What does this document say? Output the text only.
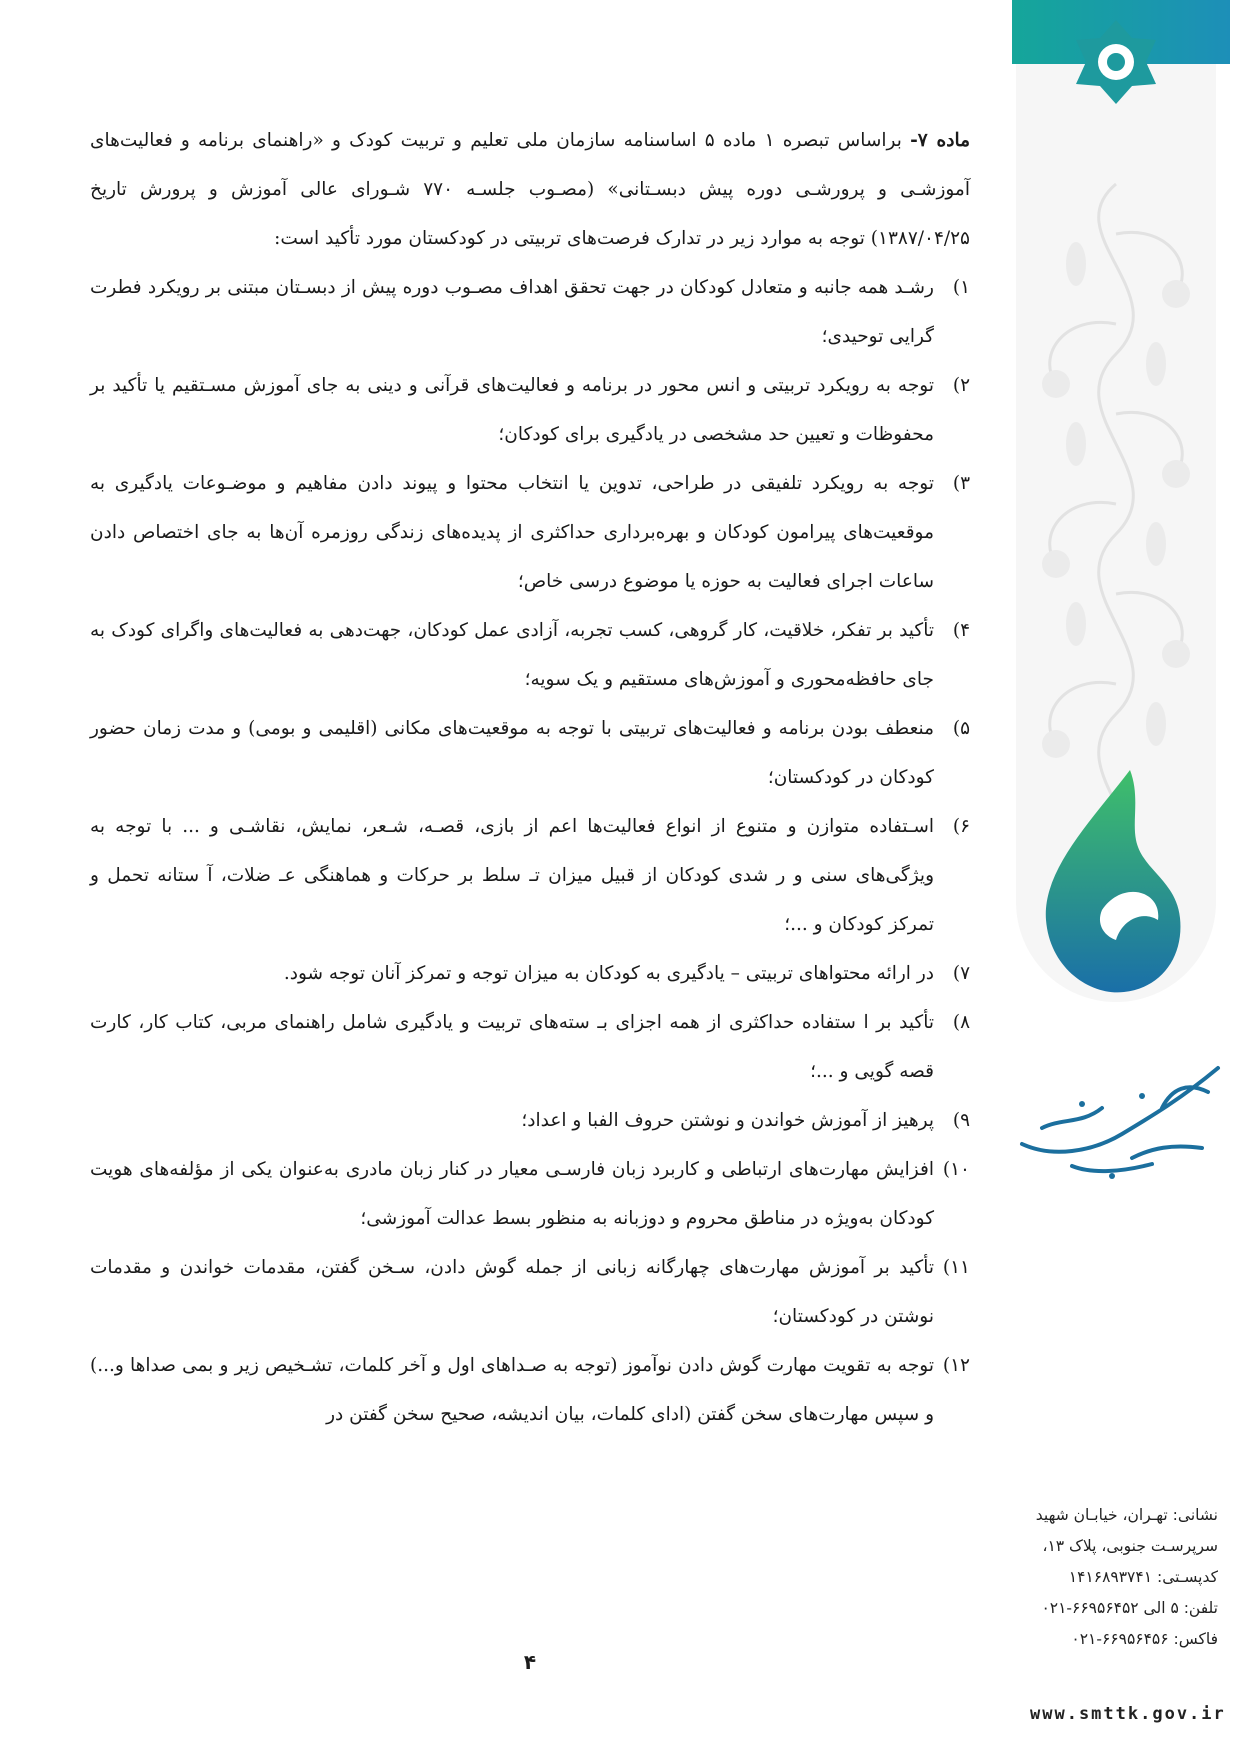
نشانی: تهـران، خیابـان شهید
سرپرسـت جنوبی، پلاک ۱۳،
کدپسـتی: ۱۴۱۶۸۹۳۷۴۱
تلفن: ۵ الی ۶۶۹۵۶۴۵۲-۰۲۱
فاکس: ۶۶۹۵۶۴۵۶-۰۲۱
www.smttk.gov.ir

ماده ۷- براساس تبصره ۱ ماده ۵ اساسنامه سازمان ملی تعلیم و تربیت کودک و «راهنمای برنامه و فعالیت‌های آموزشـی و پرورشـی دوره پیش دبسـتانی» (مصـوب جلسـه ۷۷۰ شـورای عالی آموزش و پرورش تاریخ ۱۳۸۷/۰۴/۲۵) توجه به موارد زیر در تدارک فرصت‌های تربیتی در کودکستان مورد تأکید است:

۱)
رشـد همه جانبه و متعادل کودکان در جهت تحقق اهداف مصـوب دوره پیش از دبسـتان مبتنی بر رویکرد فطرت گرایی توحیدی؛
۲)
توجه به رویکرد تربیتی و انس محور در برنامه و فعالیت‌های قرآنی و دینی به جای آموزش مسـتقیم یا تأکید بر محفوظات و تعیین حد مشخصی در یادگیری برای کودکان؛
۳)
توجه به رویکرد تلفیقی در طراحی، تدوین یا انتخاب محتوا و پیوند دادن مفاهیم و موضـوعات یادگیری به موقعیت‌های پیرامون کودکان و بهره‌برداری حداکثری از پدیده‌های زندگی روزمره آن‌ها به جای اختصاص دادن ساعات اجرای فعالیت به حوزه یا موضوع درسی خاص؛
۴)
تأکید بر تفکر، خلاقیت، کار گروهی، کسب تجربه، آزادی عمل کودکان، جهت‌دهی به فعالیت‌های واگرای کودک به جای حافظه‌محوری و آموزش‌های مستقیم و یک سویه؛
۵)
منعطف بودن برنامه و فعالیت‌های تربیتی با توجه به موقعیت‌های مکانی (اقلیمی و بومی) و مدت زمان حضور کودکان در کودکستان؛
۶)
اسـتفاده متوازن و متنوع از انواع فعالیت‌ها اعم از بازی، قصـه، شـعر، نمایش، نقاشـی و ... با توجه به ویژگی‌های سنی و ر شدی کودکان از قبیل میزان تـ سلط بر حرکات و هماهنگی عـ ضلات، آ ستانه تحمل و تمرکز کودکان و ...؛
۷)
در ارائه محتواهای تربیتی – یادگیری به کودکان به میزان توجه و تمرکز آنان توجه شود.
۸)
تأکید بر ا ستفاده حداکثری از همه اجزای بـ سته‌های تربیت و یادگیری شامل راهنمای مربی، کتاب کار، کارت قصه گویی و ...؛
۹)
پرهیز از آموزش خواندن و نوشتن حروف الفبا و اعداد؛
۱۰)
افزایش مهارت‌های ارتباطی و کاربرد زبان فارسـی معیار در کنار زبان مادری به‌عنوان یکی از مؤلفه‌های هویت کودکان به‌ویژه در مناطق محروم و دوزبانه به منظور بسط عدالت آموزشی؛
۱۱)
تأکید بر آموزش مهارت‌های چهارگانه زبانی از جمله گوش دادن، سـخن گفتن، مقدمات خواندن و مقدمات نوشتن در کودکستان؛
۱۲)
توجه به تقویت مهارت گوش دادن نوآموز (توجه به صـداهای اول و آخر کلمات، تشـخیص زیر و بمی صداها و...) و سپس مهارت‌های سخن گفتن (ادای کلمات، بیان اندیشه، صحیح سخن گفتن در
۴
